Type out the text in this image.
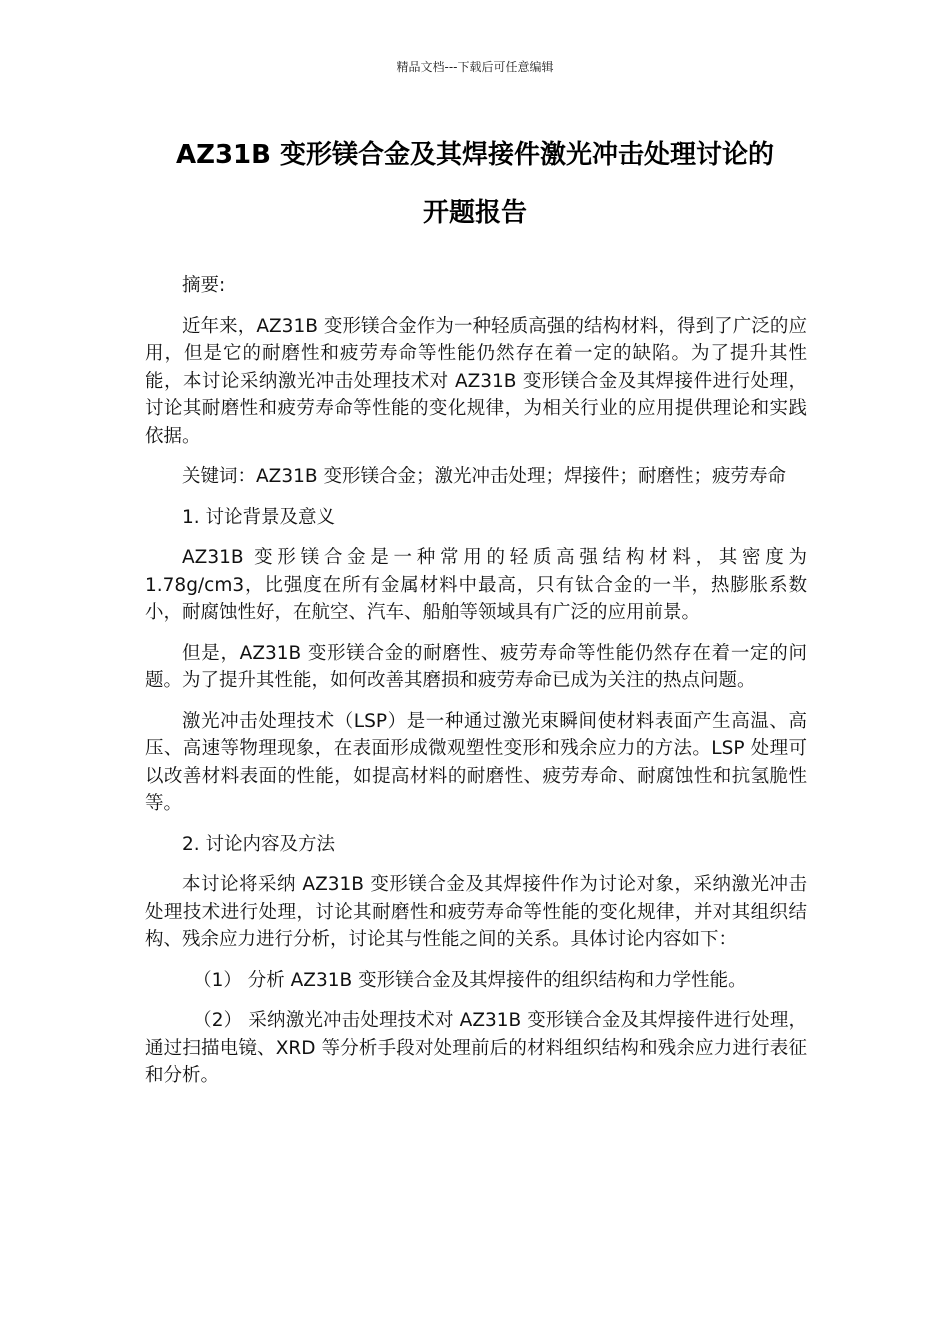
精品文档---下载后可任意编辑
AZ31B 变形镁合金及其焊接件激光冲击处理讨论的
开题报告

摘要:

近年来，AZ31B 变形镁合金作为一种轻质高强的结构材料，得到了广泛的应用，但是它的耐磨性和疲劳寿命等性能仍然存在着一定的缺陷。为了提升其性能，本讨论采纳激光冲击处理技术对 AZ31B 变形镁合金及其焊接件进行处理，讨论其耐磨性和疲劳寿命等性能的变化规律，为相关行业的应用提供理论和实践依据。

关键词：AZ31B 变形镁合金；激光冲击处理；焊接件；耐磨性；疲劳寿命

1. 讨论背景及意义

AZ31B 变形镁合金是一种常用的轻质高强结构材料，其密度为 1.78g/cm3，比强度在所有金属材料中最高，只有钛合金的一半，热膨胀系数小，耐腐蚀性好，在航空、汽车、船舶等领域具有广泛的应用前景。

但是，AZ31B 变形镁合金的耐磨性、疲劳寿命等性能仍然存在着一定的问题。为了提升其性能，如何改善其磨损和疲劳寿命已成为关注的热点问题。

激光冲击处理技术（LSP）是一种通过激光束瞬间使材料表面产生高温、高压、高速等物理现象，在表面形成微观塑性变形和残余应力的方法。LSP 处理可以改善材料表面的性能，如提高材料的耐磨性、疲劳寿命、耐腐蚀性和抗氢脆性等。

2. 讨论内容及方法

本讨论将采纳 AZ31B 变形镁合金及其焊接件作为讨论对象，采纳激光冲击处理技术进行处理，讨论其耐磨性和疲劳寿命等性能的变化规律，并对其组织结构、残余应力进行分析，讨论其与性能之间的关系。具体讨论内容如下：

（1） 分析 AZ31B 变形镁合金及其焊接件的组织结构和力学性能。

（2） 采纳激光冲击处理技术对 AZ31B 变形镁合金及其焊接件进行处理，通过扫描电镜、XRD 等分析手段对处理前后的材料组织结构和残余应力进行表征和分析。
